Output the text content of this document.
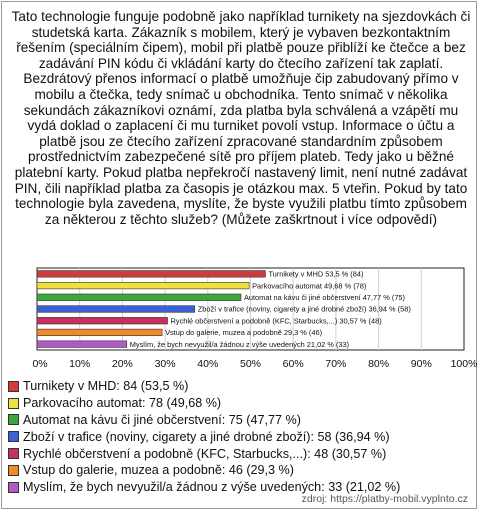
Tato technologie funguje podobně jako například turnikety na sjezdovkách či studetská karta. Zákazník s mobilem, který je vybaven bezkontaktním řešením (speciálním čipem), mobil při platbě pouze přiblíží ke čtečce a bez zadávání PIN kódu či vkládání karty do čtecího zařízení tak zaplatí. Bezdrátový přenos informací o platbě umožňuje čip zabudovaný přímo v mobilu a čtečka, tedy snímač u obchodníka. Tento snímač v několika sekundách zákazníkovi oznámí, zda platba byla schválená a vzápětí mu vydá doklad o zaplacení či mu turniket povolí vstup. Informace o účtu a platbě jsou ze čtecího zařízení zpracované standardním způsobem prostřednictvím zabezpečené sítě pro příjem plateb. Tedy jako u běžné platební karty. Pokud platba nepřekročí nastavený limit, není nutné zadávat PIN, čili například platba za časopis je otázkou max. 5 vteřin. Pokud by tato technologie byla zavedena, myslíte, že byste využili platbu tímto způsobem za některou z těchto služeb? (Můžete zaškrtnout i více odpovědí)

Turnikety v MHD 53,5 % (84)
Parkovacího automat 49,68 % (78)
Automat na kávu či jiné občerstvení 47,77 % (75)
Zboží v trafice (noviny, cigarety a jiné drobné zboží) 36,94 % (58)
Rychlé občerstvení a podobně (KFC, Starbucks,...) 30,57 % (48)
Vstup do galerie, muzea a podobně 29,3 % (46)
Myslím, že bych nevyužil/a žádnou z výše uvedených 21,02 % (33)
0% 10% 20% 30% 40% 50% 60% 70% 80% 90% 100%
Turnikety v MHD: 84 (53,5 %)
Parkovacího automat: 78 (49,68 %)
Automat na kávu či jiné občerstvení: 75 (47,77 %)
Zboží v trafice (noviny, cigarety a jiné drobné zboží): 58 (36,94 %)
Rychlé občerstvení a podobně (KFC, Starbucks,...): 48 (30,57 %)
Vstup do galerie, muzea a podobně: 46 (29,3 %)
Myslím, že bych nevyužil/a žádnou z výše uvedených: 33 (21,02 %)
zdroj: https://platby-mobil.vyplnto.cz
